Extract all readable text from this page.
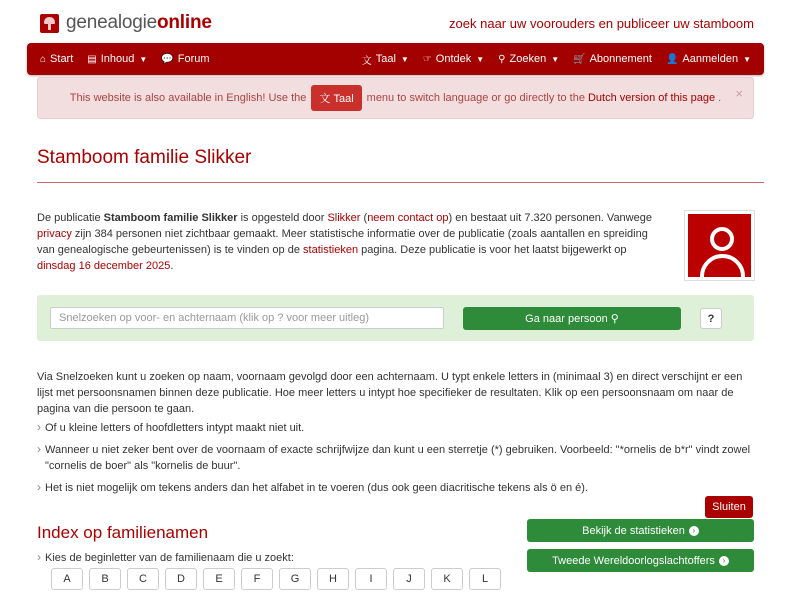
genealogieonline	zoek naar uw voorouders en publiceer uw stamboom
⌂ Start ▤ Inhoud ▼ 💬 Forum	文 Taal ▼ ☞ Ontdek ▼ ⚲ Zoeken ▼ 🛒 Abonnement 👤 Aanmelden ▼
This website is also available in English! Use the	文 Taal	menu to switch language or go directly to the Dutch version of this page . ×
Stamboom familie Slikker
De publicatie Stamboom familie Slikker is opgesteld door Slikker (neem contact op) en bestaat uit 7.320 personen. Vanwege privacy zijn 384 personen niet zichtbaar gemaakt. Meer statistische informatie over de publicatie (zoals aantallen en spreiding van genealogische gebeurtenissen) is te vinden op de statistieken pagina. Deze publicatie is voor het laatst bijgewerkt op dinsdag 16 december 2025.
Snelzoeken op voor- en achternaam (klik op ? voor meer uitleg)
Ga naar persoon
⚲	?
Via Snelzoeken kunt u zoeken op naam, voornaam gevolgd door een achternaam. U typt enkele letters in (minimaal 3) en direct verschijnt er een lijst met persoonsnamen binnen deze publicatie. Hoe meer letters u intypt hoe specifieker de resultaten. Klik op een persoonsnaam om naar de pagina van die persoon te gaan.
› Of u kleine letters of hoofdletters intypt maakt niet uit.
› Wanneer u niet zeker bent over de voornaam of exacte schrijfwijze dan kunt u een sterretje (*) gebruiken. Voorbeeld: "*ornelis de b*r" vindt zowel "cornelis de boer" als "kornelis de buur".
› Het is niet mogelijk om tekens anders dan het alfabet in te voeren (dus ook geen diacritische tekens als ö en é).
Sluiten
Index op familienamen
› Kies de beginletter van de familienaam die u zoekt:
A	B	C	D	E	F	G	H	I	J	K	L
Bekijk de statistieken ›
Tweede Wereldoorlogslachtoffers ›
